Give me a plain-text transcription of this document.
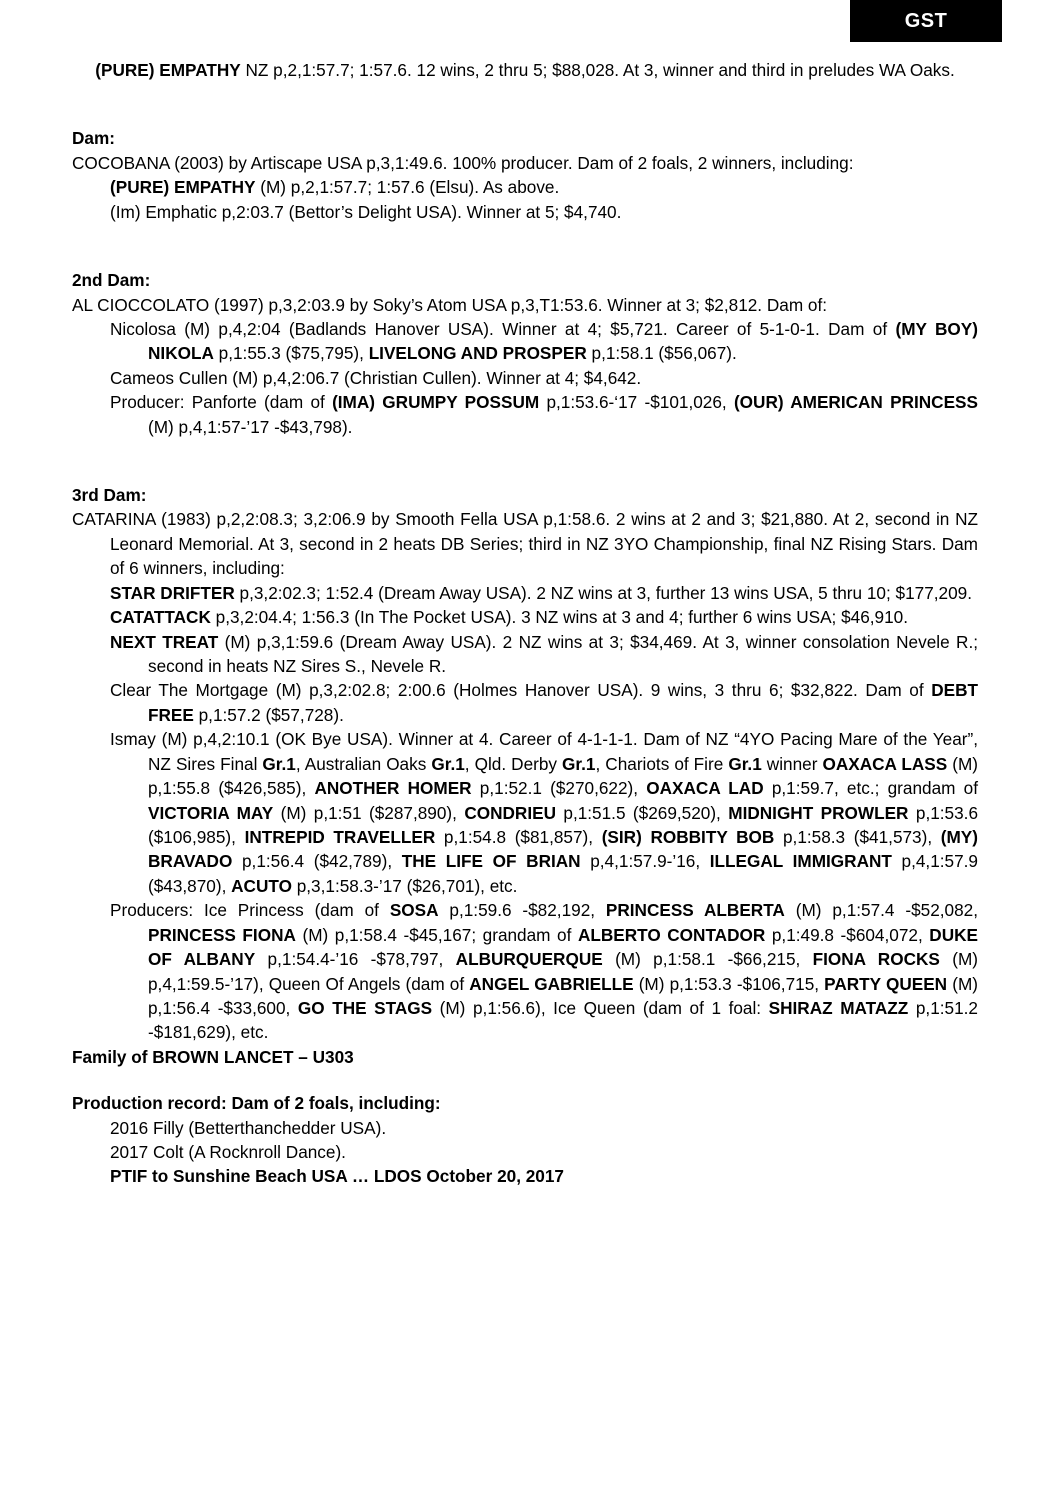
GST
(PURE) EMPATHY NZ p,2,1:57.7; 1:57.6. 12 wins, 2 thru 5; $88,028. At 3, winner and third in preludes WA Oaks.
Dam:
COCOBANA (2003) by Artiscape USA p,3,1:49.6. 100% producer. Dam of 2 foals, 2 winners, including:
(PURE) EMPATHY (M) p,2,1:57.7; 1:57.6 (Elsu). As above.
(Im) Emphatic p,2:03.7 (Bettor’s Delight USA). Winner at 5; $4,740.
2nd Dam:
AL CIOCCOLATO (1997) p,3,2:03.9 by Soky’s Atom USA p,3,T1:53.6. Winner at 3; $2,812. Dam of:
Nicolosa (M) p,4,2:04 (Badlands Hanover USA). Winner at 4; $5,721. Career of 5-1-0-1. Dam of (MY BOY) NIKOLA p,1:55.3 ($75,795), LIVELONG AND PROSPER p,1:58.1 ($56,067).
Cameos Cullen (M) p,4,2:06.7 (Christian Cullen). Winner at 4; $4,642.
Producer: Panforte (dam of (IMA) GRUMPY POSSUM p,1:53.6-‘17 -$101,026, (OUR) AMERICAN PRINCESS (M) p,4,1:57-’17 -$43,798).
3rd Dam:
CATARINA (1983) p,2,2:08.3; 3,2:06.9 by Smooth Fella USA p,1:58.6. 2 wins at 2 and 3; $21,880. At 2, second in NZ Leonard Memorial. At 3, second in 2 heats DB Series; third in NZ 3YO Championship, final NZ Rising Stars. Dam of 6 winners, including:
STAR DRIFTER p,3,2:02.3; 1:52.4 (Dream Away USA). 2 NZ wins at 3, further 13 wins USA, 5 thru 10; $177,209.
CATATTACK p,3,2:04.4; 1:56.3 (In The Pocket USA). 3 NZ wins at 3 and 4; further 6 wins USA; $46,910.
NEXT TREAT (M) p,3,1:59.6 (Dream Away USA). 2 NZ wins at 3; $34,469. At 3, winner consolation Nevele R.; second in heats NZ Sires S., Nevele R.
Clear The Mortgage (M) p,3,2:02.8; 2:00.6 (Holmes Hanover USA). 9 wins, 3 thru 6; $32,822. Dam of DEBT FREE p,1:57.2 ($57,728).
Ismay (M) p,4,2:10.1 (OK Bye USA). Winner at 4. Career of 4-1-1-1. Dam of NZ “4YO Pacing Mare of the Year”, NZ Sires Final Gr.1, Australian Oaks Gr.1, Qld. Derby Gr.1, Chariots of Fire Gr.1 winner OAXACA LASS (M) p,1:55.8 ($426,585), ANOTHER HOMER p,1:52.1 ($270,622), OAXACA LAD p,1:59.7, etc.; grandam of VICTORIA MAY (M) p,1:51 ($287,890), CONDRIEU p,1:51.5 ($269,520), MIDNIGHT PROWLER p,1:53.6 ($106,985), INTREPID TRAVELLER p,1:54.8 ($81,857), (SIR) ROBBITY BOB p,1:58.3 ($41,573), (MY) BRAVADO p,1:56.4 ($42,789), THE LIFE OF BRIAN p,4,1:57.9-’16, ILLEGAL IMMIGRANT p,4,1:57.9 ($43,870), ACUTO p,3,1:58.3-’17 ($26,701), etc.
Producers: Ice Princess (dam of SOSA p,1:59.6 -$82,192, PRINCESS ALBERTA (M) p,1:57.4 -$52,082, PRINCESS FIONA (M) p,1:58.4 -$45,167; grandam of ALBERTO CONTADOR p,1:49.8 -$604,072, DUKE OF ALBANY p,1:54.4-’16 -$78,797, ALBURQUERQUE (M) p,1:58.1 -$66,215, FIONA ROCKS (M) p,4,1:59.5-’17), Queen Of Angels (dam of ANGEL GABRIELLE (M) p,1:53.3 -$106,715, PARTY QUEEN (M) p,1:56.4 -$33,600, GO THE STAGS (M) p,1:56.6), Ice Queen (dam of 1 foal: SHIRAZ MATAZZ p,1:51.2 -$181,629), etc.
Family of BROWN LANCET – U303
Production record: Dam of 2 foals, including:
2016 Filly (Betterthanchedder USA).
2017 Colt (A Rocknroll Dance).
PTIF to Sunshine Beach USA … LDOS October 20, 2017
